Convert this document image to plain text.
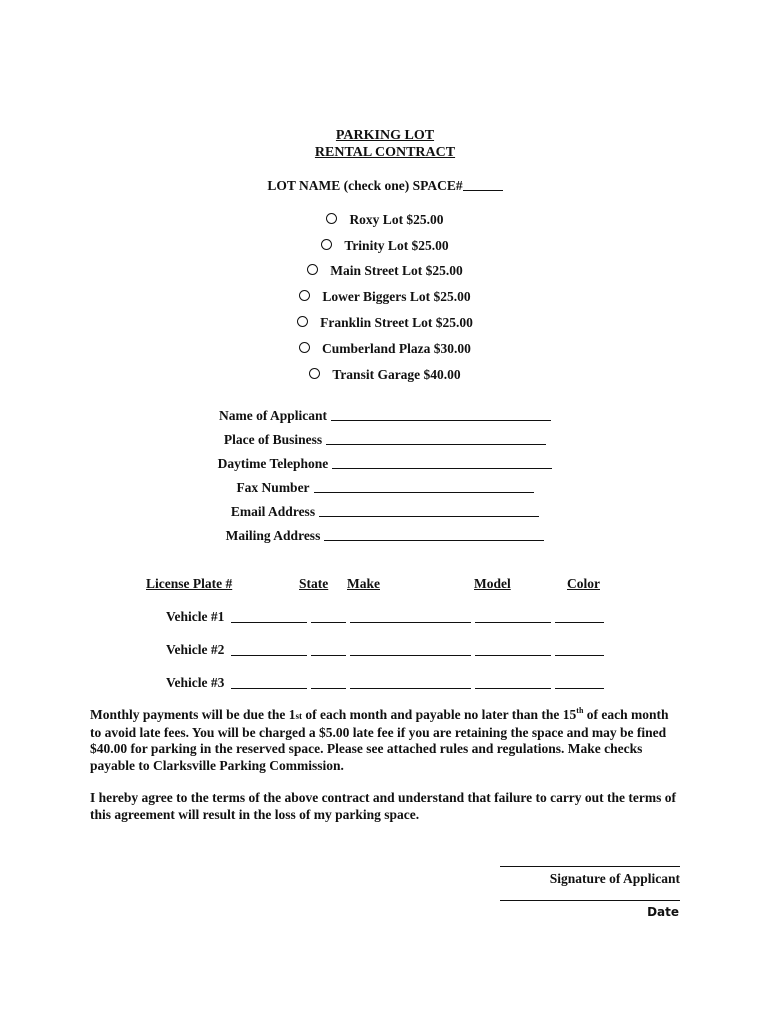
PARKING LOT
RENTAL CONTRACT
LOT NAME (check one) SPACE#
Roxy Lot $25.00
Trinity Lot $25.00
Main Street Lot $25.00
Lower Biggers Lot $25.00
Franklin Street Lot $25.00
Cumberland Plaza $30.00
Transit Garage $40.00
Name of Applicant
Place of Business
Daytime Telephone
Fax Number
Email Address
Mailing Address
License Plate #	State Make	Model	Color
Vehicle #1
Vehicle #2
Vehicle #3
Monthly payments will be due the 1st of each month and payable no later than the 15th of each month to avoid late fees. You will be charged a $5.00 late fee if you are retaining the space and may be fined $40.00 for parking in the reserved space. Please see attached rules and regulations. Make checks payable to Clarksville Parking Commission.
I hereby agree to the terms of the above contract and understand that failure to carry out the terms of this agreement will result in the loss of my parking space.
Signature of Applicant
Date
